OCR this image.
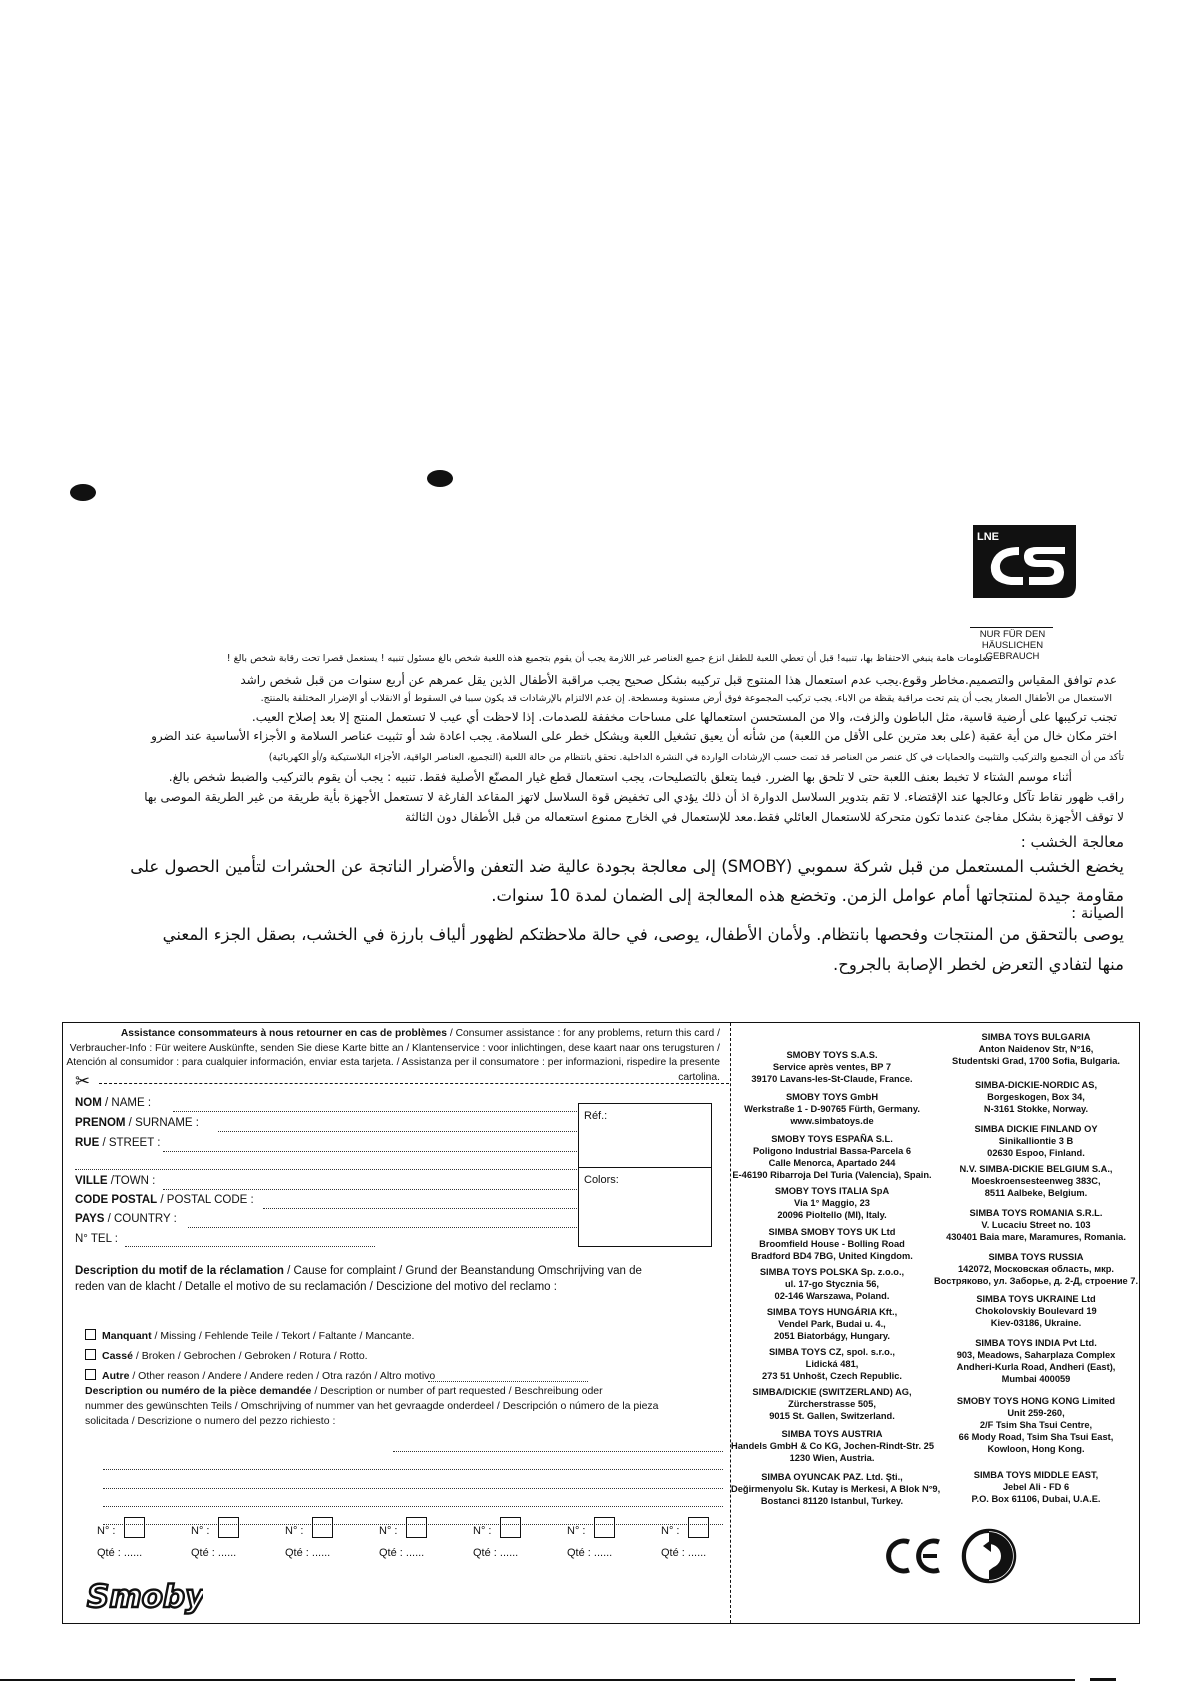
LNE
NUR FÜR DEN
HÄUSLICHEN GEBRAUCH
معلومات هامة ينبغي الاحتفاظ بها، تنبيه! قبل أن تعطي اللعبة للطفل انزع جميع العناصر غير اللازمة يجب أن يقوم بتجميع هذه اللعبة شخص بالغ مسئول تنبيه ! يستعمل قصرا تحت رقابة شخص بالغ !
عدم توافق المقياس والتصميم.مخاطر وقوع.يجب عدم استعمال هذا المنتوج قبل تركيبه بشكل صحيح يجب مراقبة الأطفال الذين يقل عمرهم عن أربع سنوات من قبل شخص راشد
الاستعمال من الأطفال الصغار يجب أن يتم تحت مراقبة يقظة من الاباء. يجب تركيب المجموعة فوق أرض مستوية ومسطحة. إن عدم الالتزام بالإرشادات قد يكون سببا في السقوط أو الانقلاب أو الإضرار المختلفة بالمنتج.
تجنب تركيبها على أرضية قاسية، مثل الباطون والزفت، والا من المستحسن استعمالها على مساحات مخففة للصدمات. إذا لاحظت أي عيب لا تستعمل المنتج إلا بعد إصلاح العيب.
اختر مكان خال من أية عقبة (على بعد مترين على الأقل من اللعبة) من شأنه أن يعيق تشغيل اللعبة ويشكل خطر على السلامة. يجب اعادة شد أو تثبيت عناصر السلامة و الأجزاء الأساسية عند الضرو
تأكد من أن التجميع والتركيب والتثبيت والحمايات في كل عنصر من العناصر قد تمت حسب الإرشادات الواردة في النشرة الداخلية. تحقق بانتظام من حالة اللعبة (التجميع، العناصر الواقية، الأجزاء البلاستيكية و/أو الكهربائية)
أثناء موسم الشتاء لا تخبط بعنف اللعبة حتى لا تلحق بها الضرر. فيما يتعلق بالتصليحات، يجب استعمال قطع غيار المصنّع الأصلية فقط. تنبيه : يجب أن يقوم بالتركيب والضبط شخص بالغ.
راقب ظهور نقاط تآكل وعالجها عند الإقتضاء. لا تقم بتدوير السلاسل الدوارة اذ أن ذلك يؤدي الى تخفيض قوة السلاسل لاتهز المقاعد الفارغة لا تستعمل الأجهزة بأية طريقة من غير الطريقة الموصى بها
لا توقف الأجهزة بشكل مفاجئ عندما تكون متحركة للاستعمال العائلي فقط.معد للإستعمال في الخارج ممنوع استعماله من قبل الأطفال دون الثالثة
معالجة الخشب :
يخضع الخشب المستعمل من قبل شركة سموبي (SMOBY) إلى معالجة بجودة عالية ضد التعفن والأضرار الناتجة عن الحشرات لتأمين الحصول على
مقاومة جيدة لمنتجاتها أمام عوامل الزمن. وتخضع هذه المعالجة إلى الضمان لمدة 10 سنوات.
الصيانة :
يوصى بالتحقق من المنتجات وفحصها بانتظام. ولأمان الأطفال، يوصى، في حالة ملاحظتكم لظهور ألياف بارزة في الخشب، بصقل الجزء المعني
منها لتفادي التعرض لخطر الإصابة بالجروح.
Assistance consommateurs à nous retourner en cas de problèmes / Consumer assistance : for any problems, return this card /
Verbraucher-Info : Für weitere Auskünfte, senden Sie diese Karte bitte an / Klantenservice : voor inlichtingen, dese kaart naar ons terugsturen /
Atención al consumidor : para cualquier información, enviar esta tarjeta. / Assistanza per il consumatore : per informazioni, rispedire la presente cartolina.
✂
NOM / NAME :
PRENOM / SURNAME :
RUE / STREET :
VILLE /TOWN :
CODE POSTAL / POSTAL CODE :
PAYS / COUNTRY :
N° TEL :
Réf.:
Colors:
Description du motif de la réclamation / Cause for complaint / Grund der Beanstandung Omschrijving van de
reden van de klacht / Detalle el motivo de su reclamación / Descizione del motivo del reclamo :
Manquant / Missing / Fehlende Teile / Tekort / Faltante / Mancante.
Cassé / Broken / Gebrochen / Gebroken / Rotura / Rotto.
Autre / Other reason / Andere / Andere reden / Otra razón / Altro motivo
Description ou numéro de la pièce demandée / Description or number of part requested / Beschreibung oder
nummer des gewünschten Teils / Omschrijving of nummer van het gevraagde onderdeel / Descripción o número de la pieza
solicitada / Descrizione o numero del pezzo richiesto :
Smoby
SMOBY TOYS S.A.S.
Service après ventes, BP 7
39170 Lavans-les-St-Claude, France.
SMOBY TOYS GmbH
Werkstraße 1 - D-90765 Fürth, Germany.
www.simbatoys.de
SMOBY TOYS ESPAÑA S.L.
Poligono Industrial Bassa-Parcela 6
Calle Menorca, Apartado 244
E-46190 Ribarroja Del Turia (Valencia), Spain.
SMOBY TOYS ITALIA SpA
Via 1° Maggio, 23
20096 Pioltello (MI), Italy.
SIMBA SMOBY TOYS UK Ltd
Broomfield House - Bolling Road
Bradford BD4 7BG, United Kingdom.
SIMBA TOYS POLSKA Sp. z.o.o.,
ul. 17-go Stycznia 56,
02-146 Warszawa, Poland.
SIMBA TOYS HUNGÁRIA Kft.,
Vendel Park, Budai u. 4.,
2051 Biatorbágy, Hungary.
SIMBA TOYS CZ, spol. s.r.o.,
Lidická 481,
273 51 Unhošt, Czech Republic.
SIMBA/DICKIE (SWITZERLAND) AG,
Zürcherstrasse 505,
9015 St. Gallen, Switzerland.
SIMBA TOYS AUSTRIA
Handels GmbH & Co KG, Jochen-Rindt-Str. 25
1230 Wien, Austria.
SIMBA OYUNCAK PAZ. Ltd. Şti.,
Değirmenyolu Sk. Kutay is Merkesi, A Blok N°9,
Bostanci 81120 Istanbul, Turkey.
SIMBA TOYS BULGARIA
Anton Naidenov Str, N°16,
Studentski Grad, 1700 Sofia, Bulgaria.
SIMBA-DICKIE-NORDIC AS,
Borgeskogen, Box 34,
N-3161 Stokke, Norway.
SIMBA DICKIE FINLAND OY
Sinikalliontie 3 B
02630 Espoo, Finland.
N.V. SIMBA-DICKIE BELGIUM S.A.,
Moeskroensesteenweg 383C,
8511 Aalbeke, Belgium.
SIMBA TOYS ROMANIA S.R.L.
V. Lucaciu Street no. 103
430401 Baia mare, Maramures, Romania.
SIMBA TOYS RUSSIA
142072, Московская область, мкр.
Востряково, ул. Заборье, д. 2-Д, строение 7.
SIMBA TOYS UKRAINE Ltd
Chokolovskiy Boulevard 19
Kiev-03186, Ukraine.
SIMBA TOYS INDIA Pvt Ltd.
903, Meadows, Saharplaza Complex
Andheri-Kurla Road, Andheri (East),
Mumbai 400059
SMOBY TOYS HONG KONG Limited
Unit 259-260,
2/F Tsim Sha Tsui Centre,
66 Mody Road, Tsim Sha Tsui East,
Kowloon, Hong Kong.
SIMBA TOYS MIDDLE EAST,
Jebel Ali - FD 6
P.O. Box 61106, Dubai, U.A.E.
N° :
Qté : ......
N° :
Qté : ......
N° :
Qté : ......
N° :
Qté : ......
N° :
Qté : ......
N° :
Qté : ......
N° :
Qté : ......
